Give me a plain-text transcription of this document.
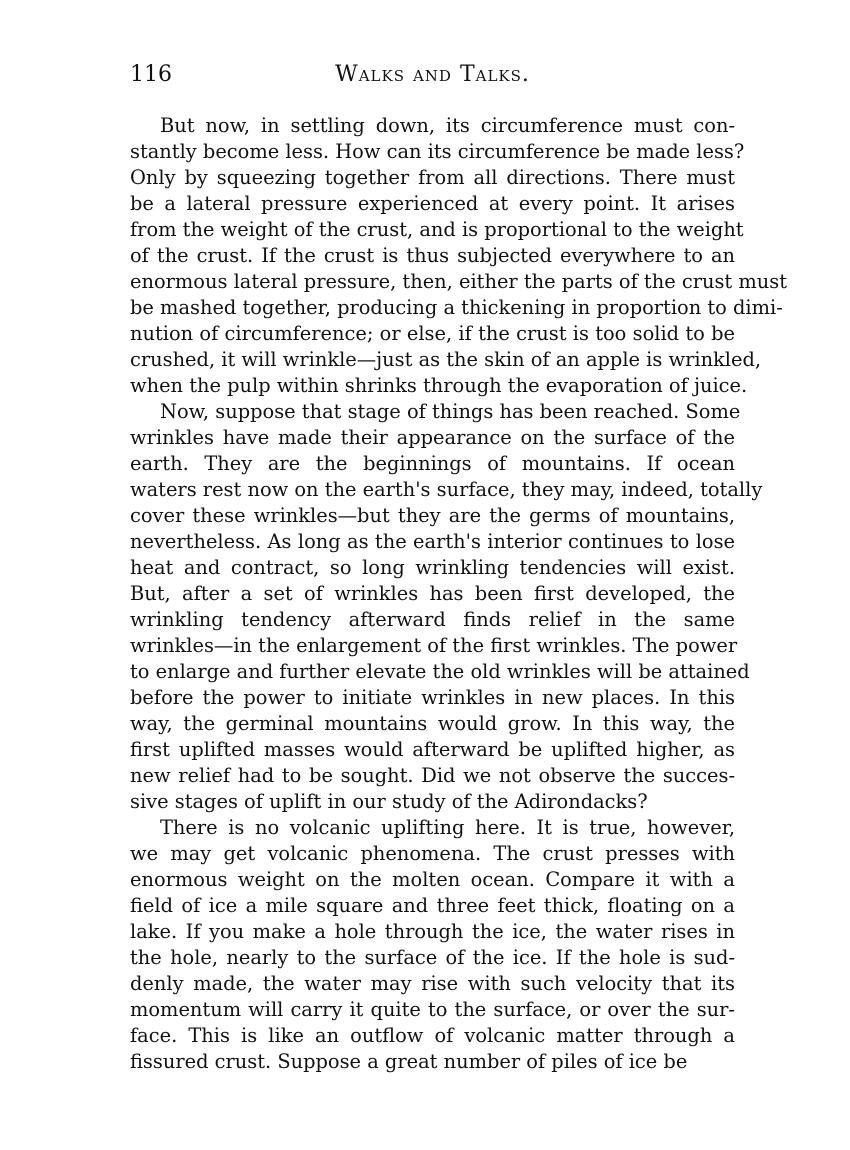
116	Walks and Talks.
But now, in settling down, its circumference must con-
stantly become less. How can its circumference be made less?
Only by squeezing together from all directions. There must
be a lateral pressure experienced at every point. It arises
from the weight of the crust, and is proportional to the weight
of the crust. If the crust is thus subjected everywhere to an
enormous lateral pressure, then, either the parts of the crust must
be mashed together, producing a thickening in proportion to dimi-
nution of circumference; or else, if the crust is too solid to be
crushed, it will wrinkle—just as the skin of an apple is wrinkled,
when the pulp within shrinks through the evaporation of juice.
Now, suppose that stage of things has been reached. Some
wrinkles have made their appearance on the surface of the
earth. They are the beginnings of mountains. If ocean
waters rest now on the earth's surface, they may, indeed, totally
cover these wrinkles—but they are the germs of mountains,
nevertheless. As long as the earth's interior continues to lose
heat and contract, so long wrinkling tendencies will exist.
But, after a set of wrinkles has been first developed, the
wrinkling tendency afterward finds relief in the same
wrinkles—in the enlargement of the first wrinkles. The power
to enlarge and further elevate the old wrinkles will be attained
before the power to initiate wrinkles in new places. In this
way, the germinal mountains would grow. In this way, the
first uplifted masses would afterward be uplifted higher, as
new relief had to be sought. Did we not observe the succes-
sive stages of uplift in our study of the Adirondacks?
There is no volcanic uplifting here. It is true, however,
we may get volcanic phenomena. The crust presses with
enormous weight on the molten ocean. Compare it with a
field of ice a mile square and three feet thick, floating on a
lake. If you make a hole through the ice, the water rises in
the hole, nearly to the surface of the ice. If the hole is sud-
denly made, the water may rise with such velocity that its
momentum will carry it quite to the surface, or over the sur-
face. This is like an outflow of volcanic matter through a
fissured crust. Suppose a great number of piles of ice be
